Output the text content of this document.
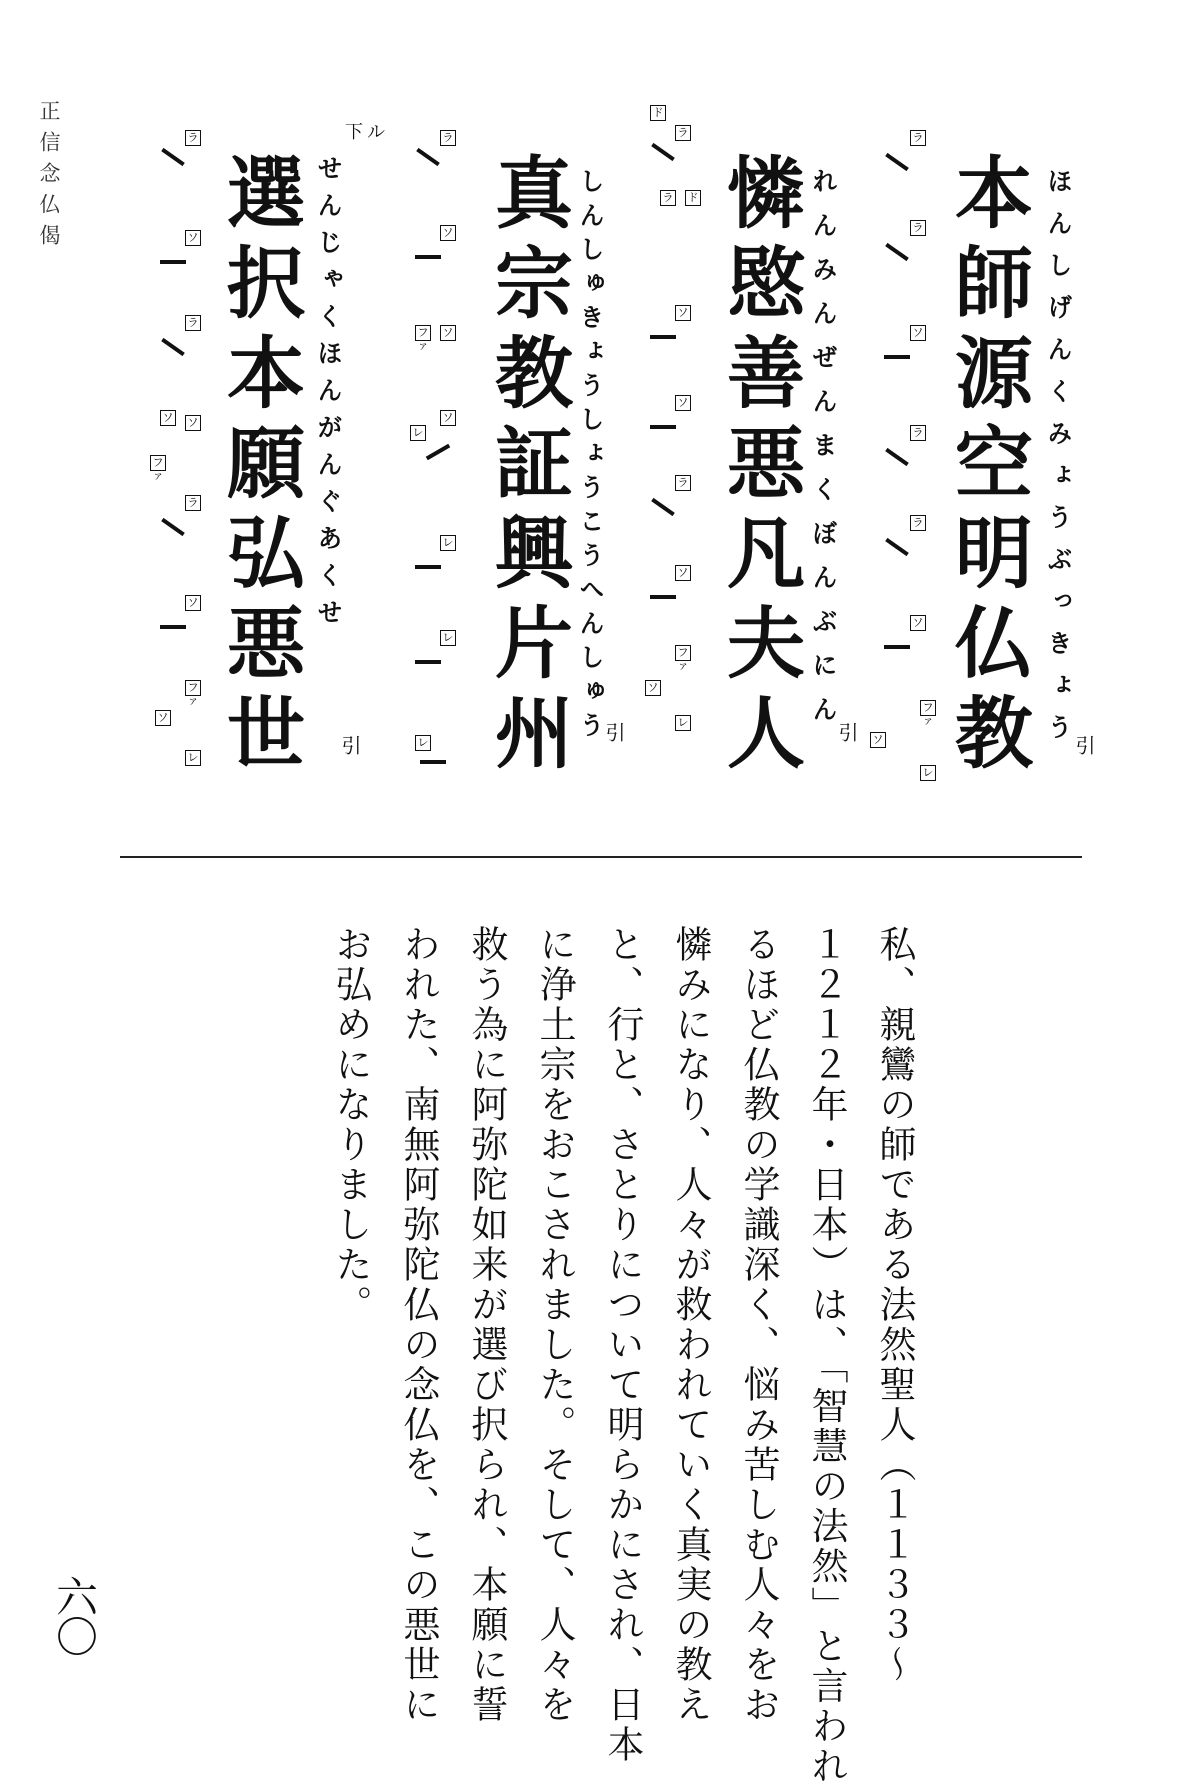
正信念仏偈	本師源空明仏教 ほんしげんくみょうぶっきょう 引
憐愍善悪凡夫人 れんみんぜんまくぼんぶにん
引
真宗教証興片州 しんしゅきょうしょうこうへんしゅう
引
選択本願弘悪世 せんじゃくほんがんぐあくせ
引
下ル	ラ
ラ
ソ
ラ
ラ
ソ
ファ
ソ
レ
ド
ラ
ラ ド
ソ
ソ
ラ
ソ
ファ
ソ
レ
ラ
ソ
ファ
ソ
ソ
レ
レ
レ
レ
ラ
ソ
ラ
ソ ソ
ファ
ラ
ソ
ファ
ソ
レ
私、親鸞の師である法然聖人（１１３３〜
１２１２年・日本）は、「智慧の法然」と言われ
るほど仏教の学識深く、悩み苦しむ人々をお
憐みになり、人々が救われていく真実の教え
と、行と、さとりについて明らかにされ、日本
に浄土宗をおこされました。そして、人々を
救う為に阿弥陀如来が選び択られ、本願に誓
われた、南無阿弥陀仏の念仏を、この悪世に
お弘めになりました。
六〇
